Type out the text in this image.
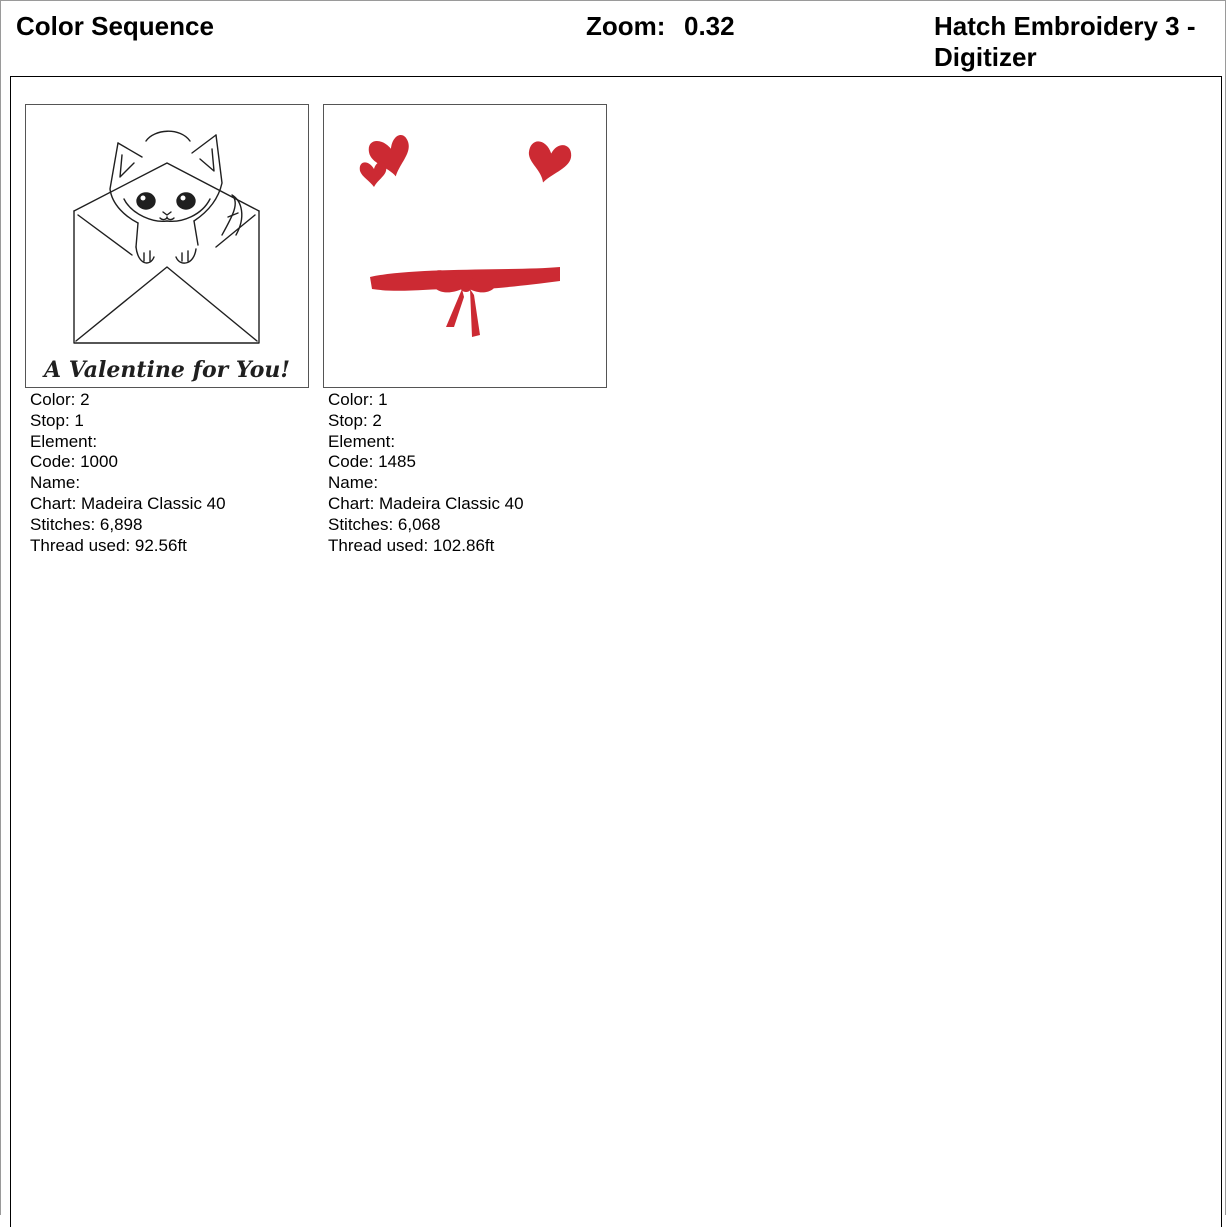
Color Sequence	Zoom: 0.32	Hatch Embroidery 3 - Digitizer
A Valentine for You!
Color: 2
Stop: 1
Element:
Code: 1000
Name:
Chart: Madeira Classic 40
Stitches: 6,898
Thread used: 92.56ft
Color: 1
Stop: 2
Element:
Code: 1485
Name:
Chart: Madeira Classic 40
Stitches: 6,068
Thread used: 102.86ft
